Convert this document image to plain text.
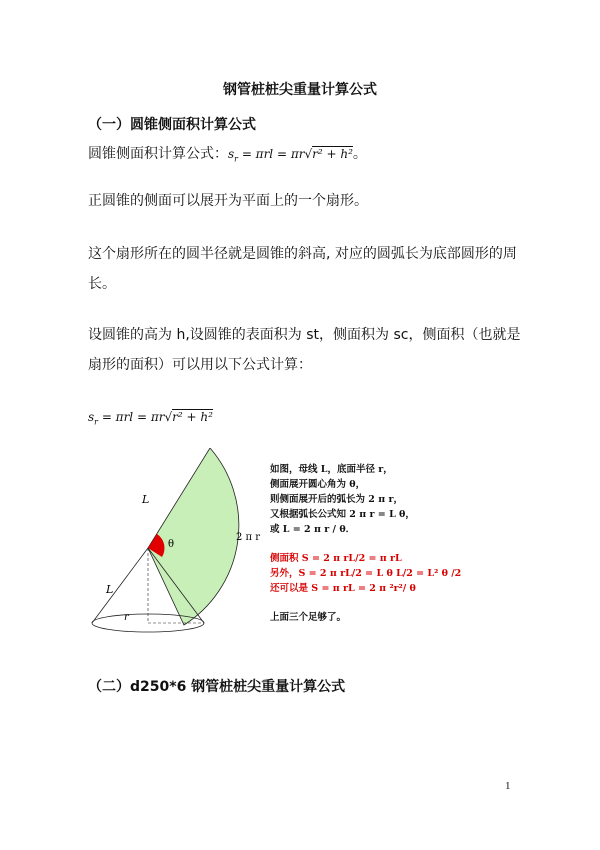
钢管桩桩尖重量计算公式
（一）圆锥侧面积计算公式
圆锥侧面积计算公式：$s_r = \pi rl = \pi r√r^2 + h^2$。
正圆锥的侧面可以展开为平面上的一个扇形。
这个扇形所在的圆半径就是圆锥的斜高, 对应的圆弧长为底部圆形的周长。
设圆锥的高为 h,设圆锥的表面积为 st，侧面积为 sc，侧面积（也就是扇形的面积）可以用以下公式计算：
$s_r = \pi rl = \pi r√r^2 + h^2$
L
θ
2 π r
L
r
如图，母线 L，底面半径 r，
侧面展开圆心角为 θ，
则侧面展开后的弧长为 2 π r，
又根据弧长公式知 2 π r = L θ，
或 L = 2 π r / θ．
侧面积 S = 2 π rL/2 = π rL
另外，S = 2 π rL/2 = L θ L/2 = L² θ /2
还可以是 S = π rL = 2 π ²r²/ θ
上面三个足够了。
（二）d250*6 钢管桩桩尖重量计算公式
1
